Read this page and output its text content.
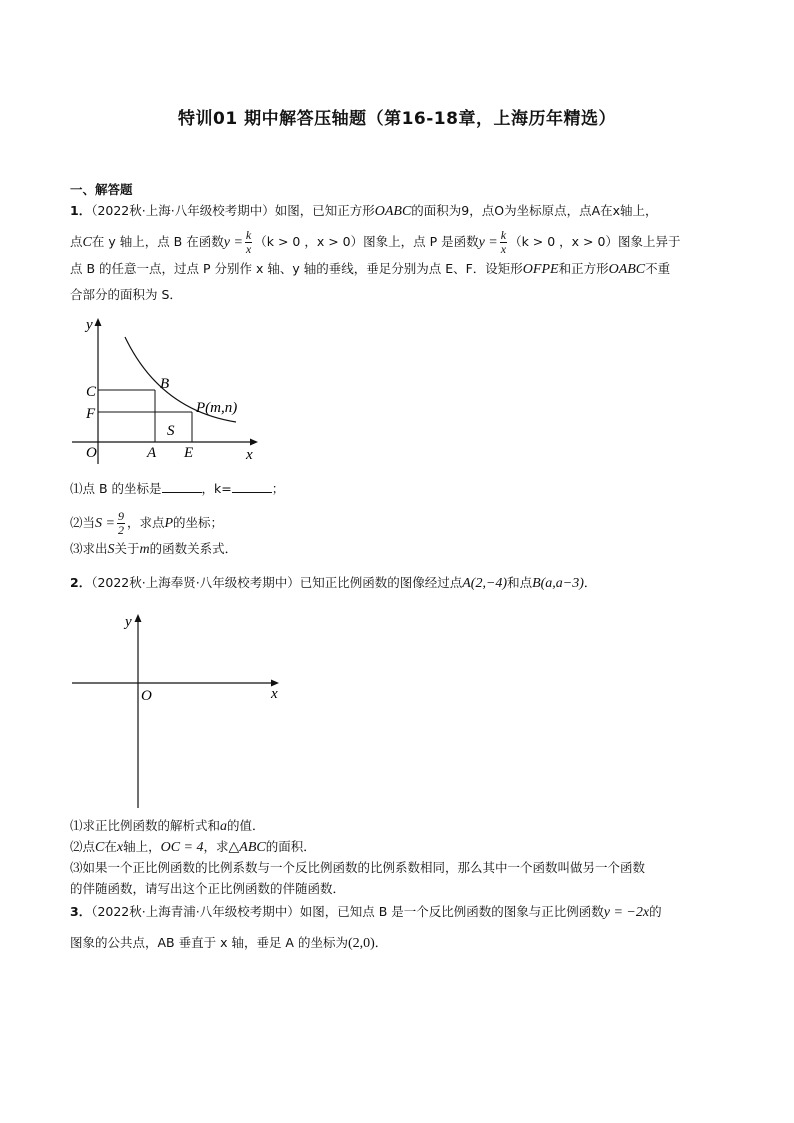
特训01 期中解答压轴题（第16-18章，上海历年精选）
一、解答题
1．（2022秋·上海·八年级校考期中）如图，已知正方形OABC的面积为9，点O为坐标原点，点A在x轴上，
点C在 y 轴上，点 B 在函数$y = \frac{k}{x} (k > 0$ ，x > 0）图象上，点 P 是函数$y = \frac{k}{x} (k > 0$ ，x > 0）图象上异于
点 B 的任意一点，过点 P 分别作 x 轴、y 轴的垂线，垂足分别为点 E、F．设矩形OFPE和正方形OABC不重
合部分的面积为 S．
y
x
O
C
F
A E
B
P(m,n)
S
⑴点 B 的坐标是	，k=	；
⑵当$S = \frac{9}{2}$ ，求点P的坐标；
⑶求出S关于m的函数关系式．
2．（2022秋·上海奉贤·八年级校考期中）已知正比例函数的图像经过点A(2,−4)和点B(a,a−3)．
y
x
O
⑴求正比例函数的解析式和a的值．
⑵点C在x轴上，OC = 4，求△ABC的面积．
⑶如果一个正比例函数的比例系数与一个反比例函数的比例系数相同，那么其中一个函数叫做另一个函数
的伴随函数，请写出这个正比例函数的伴随函数．
3．（2022秋·上海青浦·八年级校考期中）如图，已知点 B 是一个反比例函数的图象与正比例函数y = −2x的
图象的公共点，AB 垂直于 x 轴，垂足 A 的坐标为(2,0)．
